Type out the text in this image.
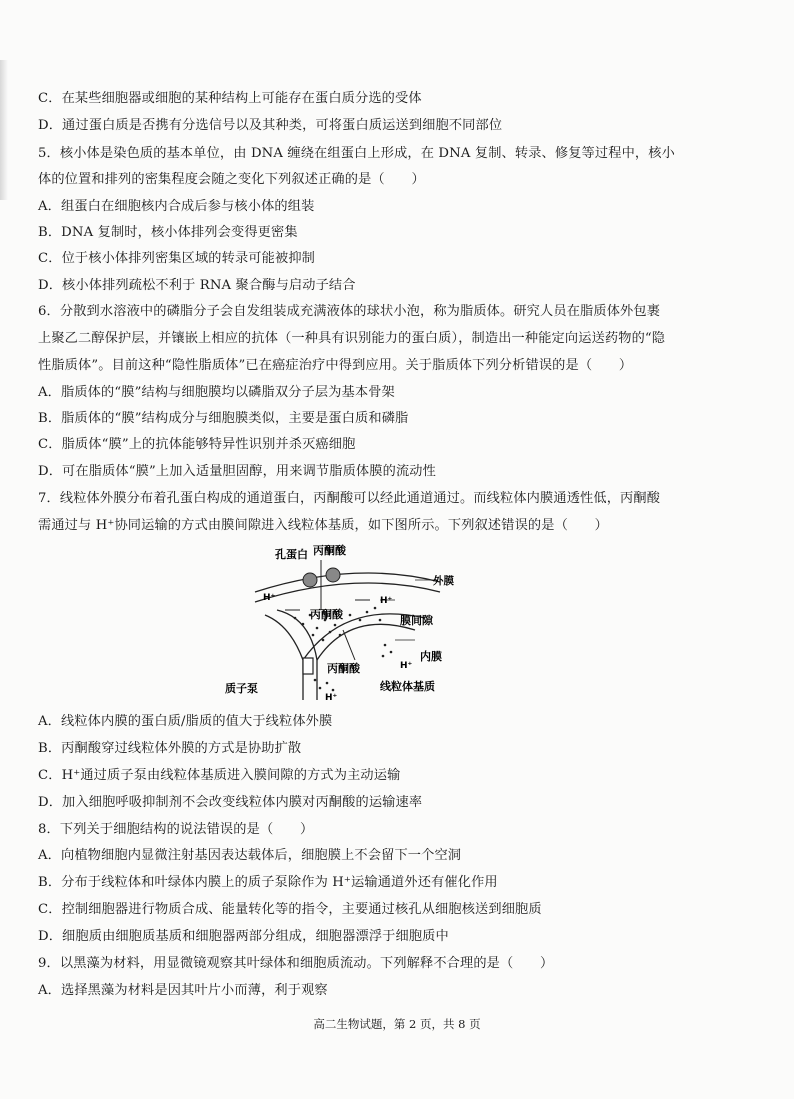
C．在某些细胞器或细胞的某种结构上可能存在蛋白质分选的受体
D．通过蛋白质是否携有分选信号以及其种类，可将蛋白质运送到细胞不同部位
5．核小体是染色质的基本单位，由 DNA 缠绕在组蛋白上形成，在 DNA 复制、转录、修复等过程中，核小
体的位置和排列的密集程度会随之变化下列叙述正确的是（　　）
A．组蛋白在细胞核内合成后参与核小体的组装
B．DNA 复制时，核小体排列会变得更密集
C．位于核小体排列密集区域的转录可能被抑制
D．核小体排列疏松不利于 RNA 聚合酶与启动子结合
6．分散到水溶液中的磷脂分子会自发组装成充满液体的球状小泡，称为脂质体。研究人员在脂质体外包裹
上聚乙二醇保护层，并镶嵌上相应的抗体（一种具有识别能力的蛋白质），制造出一种能定向运送药物的“隐
性脂质体”。目前这种“隐性脂质体”已在癌症治疗中得到应用。关于脂质体下列分析错误的是（　　）
A．脂质体的“膜”结构与细胞膜均以磷脂双分子层为基本骨架
B．脂质体的“膜”结构成分与细胞膜类似，主要是蛋白质和磷脂
C．脂质体“膜”上的抗体能够特异性识别并杀灭癌细胞
D．可在脂质体“膜”上加入适量胆固醇，用来调节脂质体膜的流动性
7．线粒体外膜分布着孔蛋白构成的通道蛋白，丙酮酸可以经此通道通过。而线粒体内膜通透性低，丙酮酸
需通过与 H⁺协同运输的方式由膜间隙进入线粒体基质，如下图所示。下列叙述错误的是（　　）
孔蛋白 丙酮酸
外膜
H⁺	H⁺
丙酮酸	膜间隙
内膜
丙酮酸	H⁺
质子泵
H⁺
线粒体基质
A．线粒体内膜的蛋白质/脂质的值大于线粒体外膜
B．丙酮酸穿过线粒体外膜的方式是协助扩散
C．H⁺通过质子泵由线粒体基质进入膜间隙的方式为主动运输
D．加入细胞呼吸抑制剂不会改变线粒体内膜对丙酮酸的运输速率
8．下列关于细胞结构的说法错误的是（　　）
A．向植物细胞内显微注射基因表达载体后，细胞膜上不会留下一个空洞
B．分布于线粒体和叶绿体内膜上的质子泵除作为 H⁺运输通道外还有催化作用
C．控制细胞器进行物质合成、能量转化等的指令，主要通过核孔从细胞核送到细胞质
D．细胞质由细胞质基质和细胞器两部分组成，细胞器漂浮于细胞质中
9．以黑藻为材料，用显微镜观察其叶绿体和细胞质流动。下列解释不合理的是（　　）
A．选择黑藻为材料是因其叶片小而薄，利于观察
高二生物试题，第 2 页，共 8 页
